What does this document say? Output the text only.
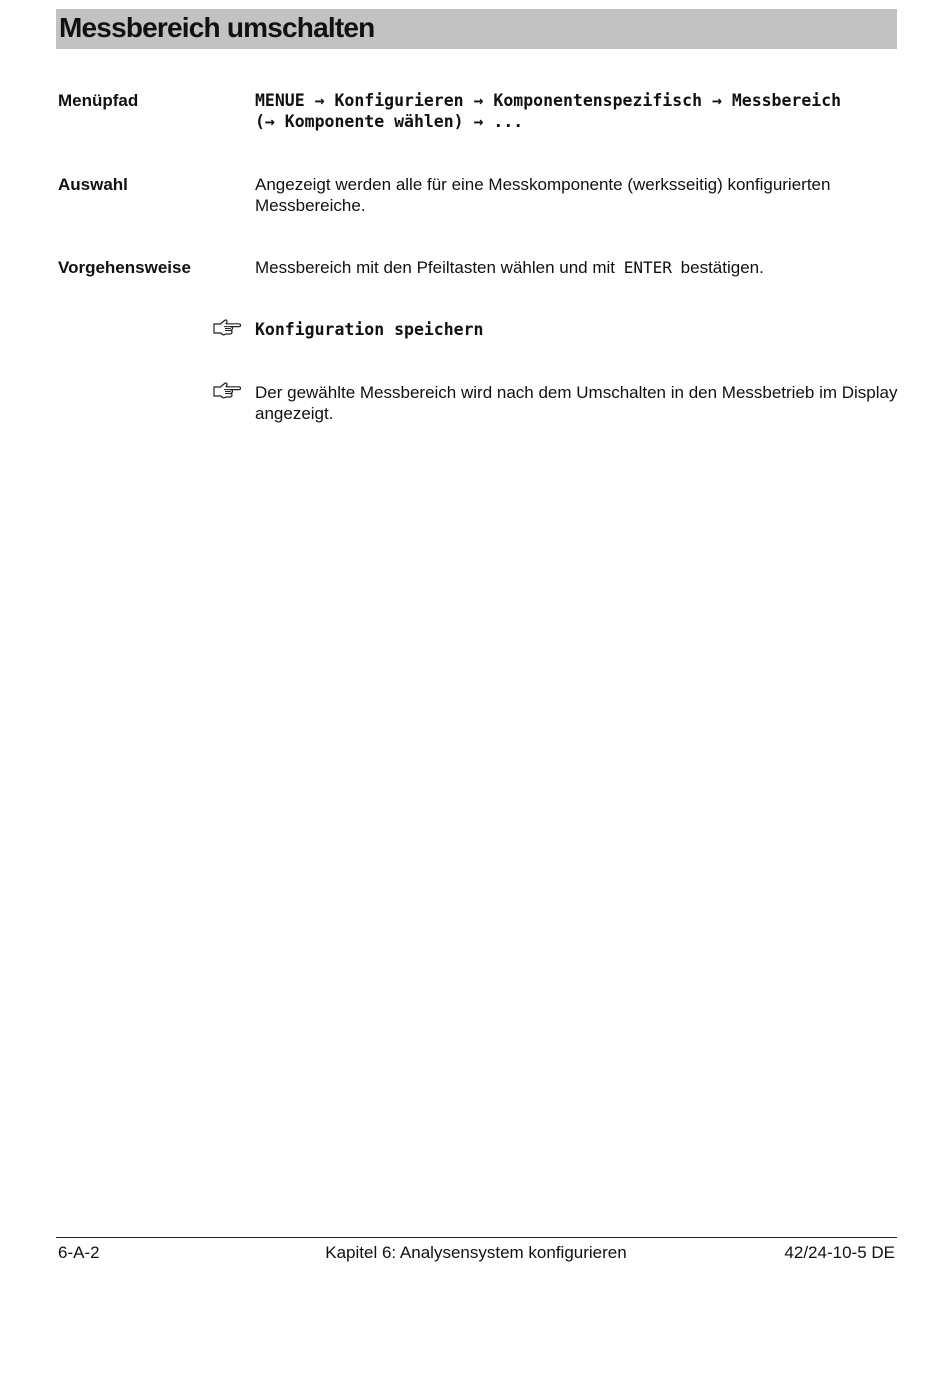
Messbereich umschalten
Menüpfad	MENUE → Konfigurieren → Komponentenspezifisch → Messbereich
(→ Komponente wählen) → ...
Auswahl	Angezeigt werden alle für eine Messkomponente (werksseitig) konfigurierten Messbereiche.
Vorgehensweise	Messbereich mit den Pfeiltasten wählen und mit ENTER bestätigen.
Konfiguration speichern
Der gewählte Messbereich wird nach dem Umschalten in den Messbetrieb im Display angezeigt.
6-A-2	Kapitel 6: Analysensystem konfigurieren	42/24-10-5 DE
